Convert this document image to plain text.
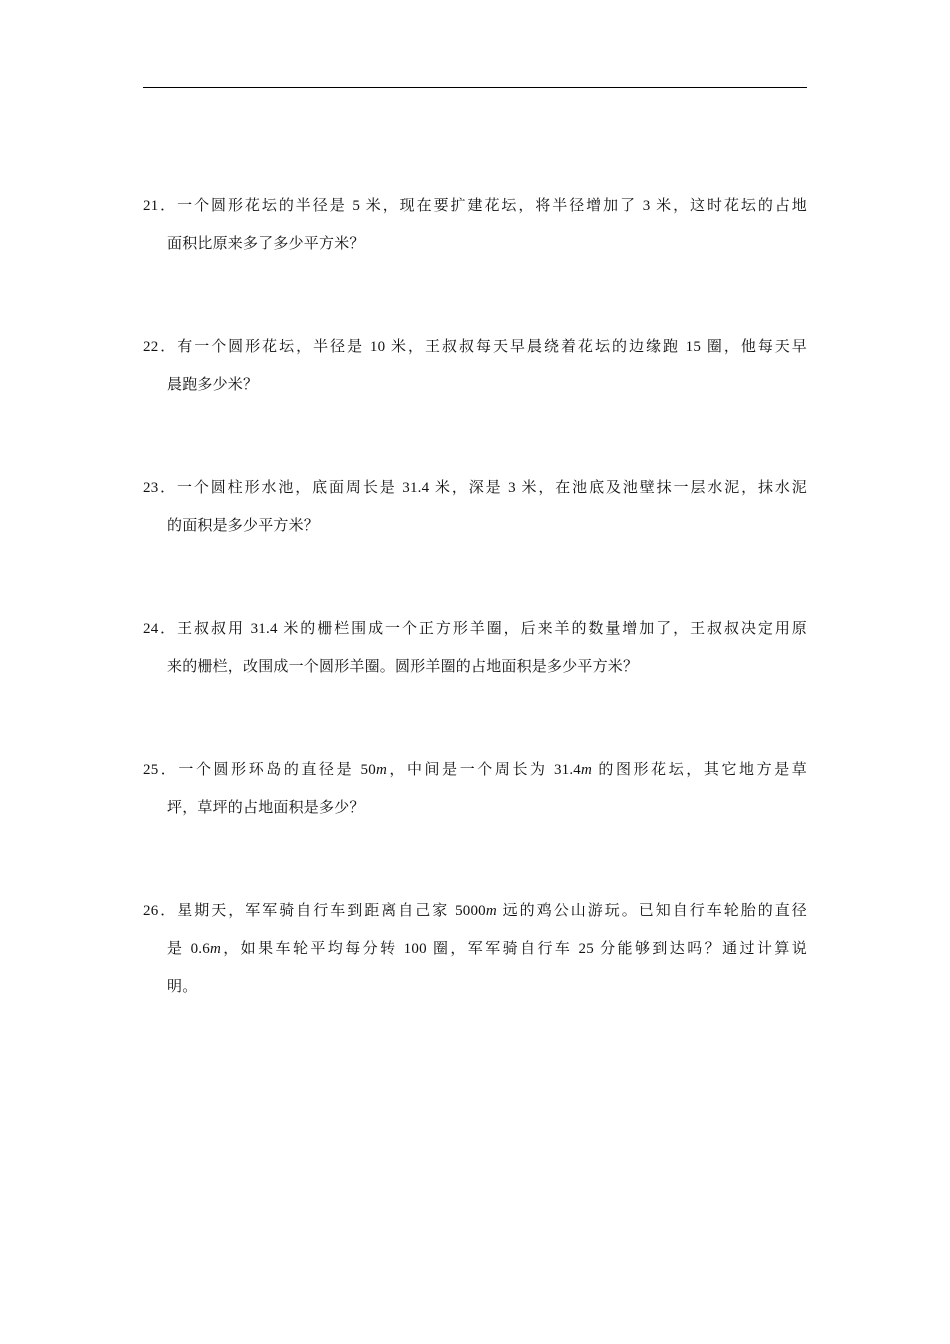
21．一个圆形花坛的半径是 5 米，现在要扩建花坛，将半径增加了 3 米，这时花坛的占地
面积比原来多了多少平方米？
22．有一个圆形花坛，半径是 10 米，王叔叔每天早晨绕着花坛的边缘跑 15 圈，他每天早
晨跑多少米？
23．一个圆柱形水池，底面周长是 31.4 米，深是 3 米，在池底及池壁抹一层水泥，抹水泥
的面积是多少平方米？
24．王叔叔用 31.4 米的栅栏围成一个正方形羊圈，后来羊的数量增加了，王叔叔决定用原
来的栅栏，改围成一个圆形羊圈。圆形羊圈的占地面积是多少平方米？
25．一个圆形环岛的直径是 50m，中间是一个周长为 31.4m 的图形花坛，其它地方是草
坪，草坪的占地面积是多少？
26．星期天，军军骑自行车到距离自己家 5000m 远的鸡公山游玩。已知自行车轮胎的直径
是 0.6m，如果车轮平均每分转 100 圈，军军骑自行车 25 分能够到达吗？通过计算说
明。
